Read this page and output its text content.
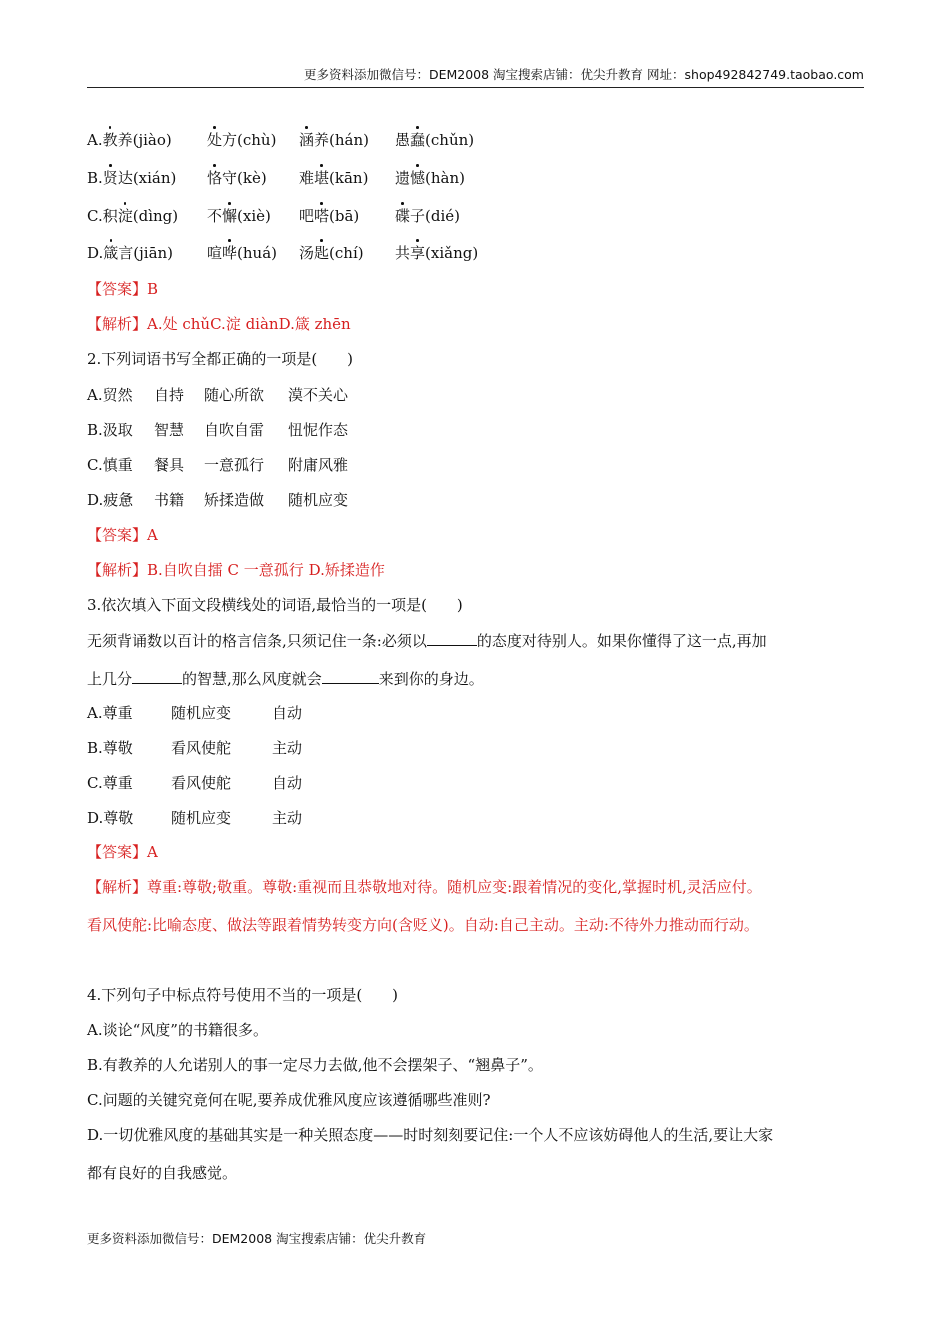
更多资料添加微信号：DEM2008 淘宝搜索店铺：优尖升教育 网址：shop492842749.taobao.com
A.教养(jiào) 处方(chù) 涵养(hán) 愚蠢(chǔn)
B.贤达(xián) 恪守(kè) 难堪(kān) 遗憾(hàn)
C.积淀(dìng) 不懈(xiè) 吧嗒(bā) 碟子(dié)
D.箴言(jiān) 喧哗(huá) 汤匙(chí) 共享(xiǎng)
【答案】B
【解析】A.处 chǔC.淀 diànD.箴 zhēn
2.下列词语书写全都正确的一项是(　　)
A.贸然 自持 随心所欲 漠不关心
B.汲取 智慧 自吹自雷 忸怩作态
C.慎重 餐具 一意孤行 附庸风雅
D.疲惫 书籍 矫揉造做 随机应变
【答案】A
【解析】B.自吹自擂 C 一意孤行 D.矫揉造作
3.依次填入下面文段横线处的词语,最恰当的一项是(　　)
无须背诵数以百计的格言信条,只须记住一条:必须以	的态度对待别人。如果你懂得了这一点,再加
上几分	的智慧,那么风度就会	来到你的身边。
A.尊重	随机应变	自动
B.尊敬	看风使舵	主动
C.尊重	看风使舵	自动
D.尊敬	随机应变	主动
【答案】A
【解析】尊重:尊敬;敬重。尊敬:重视而且恭敬地对待。随机应变:跟着情况的变化,掌握时机,灵活应付。
看风使舵:比喻态度、做法等跟着情势转变方向(含贬义)。自动:自己主动。主动:不待外力推动而行动。
4.下列句子中标点符号使用不当的一项是(　　)
A.谈论“风度”的书籍很多。
B.有教养的人允诺别人的事一定尽力去做,他不会摆架子、“翘鼻子”。
C.问题的关键究竟何在呢,要养成优雅风度应该遵循哪些准则?
D.一切优雅风度的基础其实是一种关照态度——时时刻刻要记住:一个人不应该妨碍他人的生活,要让大家
都有良好的自我感觉。
更多资料添加微信号：DEM2008 淘宝搜索店铺：优尖升教育
